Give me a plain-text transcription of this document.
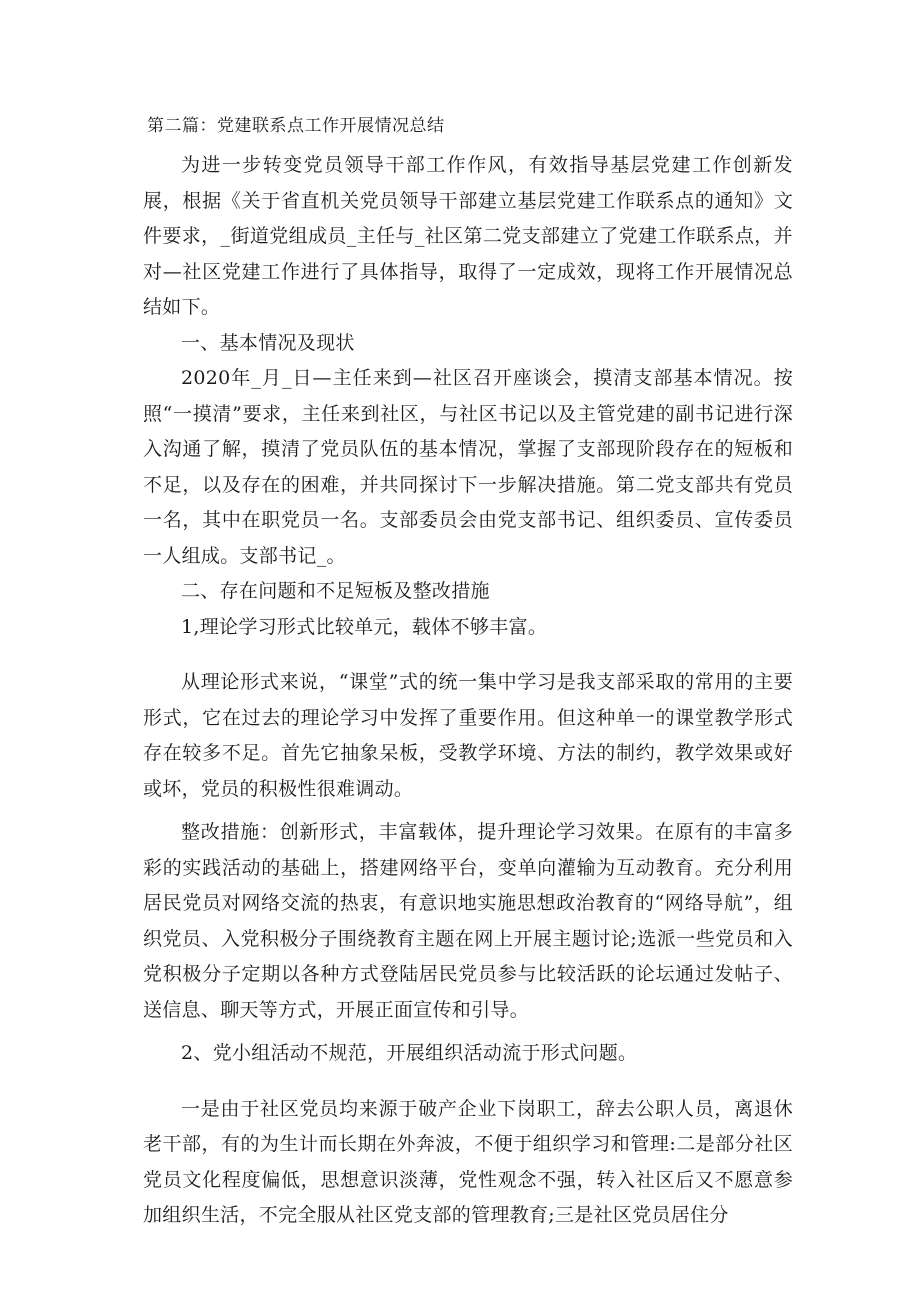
第二篇：党建联系点工作开展情况总结

为进一步转变党员领导干部工作作风，有效指导基层党建工作创新发展，根据《关于省直机关党员领导干部建立基层党建工作联系点的通知》文件要求，_街道党组成员_主任与_社区第二党支部建立了党建工作联系点，并对—社区党建工作进行了具体指导，取得了一定成效，现将工作开展情况总结如下。

一、基本情况及现状

2020年_月_日—主任来到—社区召开座谈会，摸清支部基本情况。按照“一摸清”要求，主任来到社区，与社区书记以及主管党建的副书记进行深入沟通了解，摸清了党员队伍的基本情况，掌握了支部现阶段存在的短板和不足，以及存在的困难，并共同探讨下一步解决措施。第二党支部共有党员一名，其中在职党员一名。支部委员会由党支部书记、组织委员、宣传委员一人组成。支部书记_。

二、存在问题和不足短板及整改措施

1,理论学习形式比较单元，载体不够丰富。

从理论形式来说，“课堂”式的统一集中学习是我支部采取的常用的主要形式，它在过去的理论学习中发挥了重要作用。但这种单一的课堂教学形式存在较多不足。首先它抽象呆板，受教学环境、方法的制约，教学效果或好或坏，党员的积极性很难调动。

整改措施：创新形式，丰富载体，提升理论学习效果。在原有的丰富多彩的实践活动的基础上，搭建网络平台，变单向灌输为互动教育。充分利用居民党员对网络交流的热衷，有意识地实施思想政治教育的“网络导航”，组织党员、入党积极分子围绕教育主题在网上开展主题讨论;选派一些党员和入党积极分子定期以各种方式登陆居民党员参与比较活跃的论坛通过发帖子、送信息、聊天等方式，开展正面宣传和引导。

2、党小组活动不规范，开展组织活动流于形式问题。

一是由于社区党员均来源于破产企业下岗职工，辞去公职人员，离退休老干部，有的为生计而长期在外奔波，不便于组织学习和管理:二是部分社区党员文化程度偏低，思想意识淡薄，党性观念不强，转入社区后又不愿意参加组织生活，不完全服从社区党支部的管理教育;三是社区党员居住分
